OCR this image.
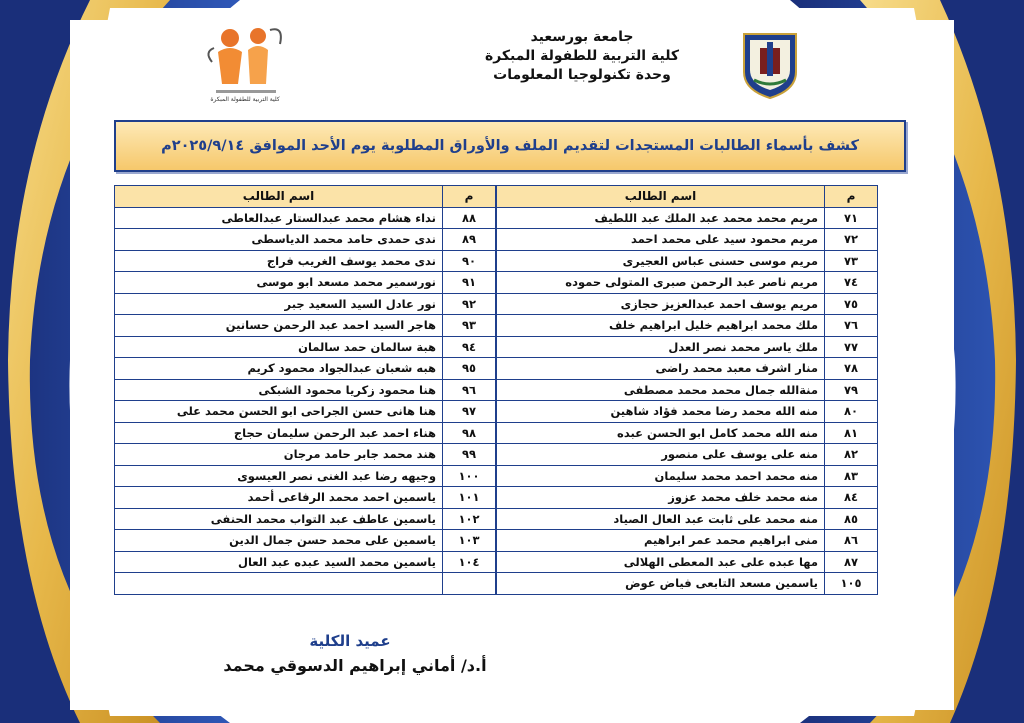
كلية التربية للطفولة المبكرة
جامعة بورسعيد
كلية التربية للطفولة المبكرة
وحدة تكنولوجيا المعلومات
كشف بأسماء الطالبات المستجدات لتقديم الملف والأوراق المطلوبة يوم الأحد الموافق ٢٠٢٥/٩/١٤م
م	اسم الطالب
٧١	مريم محمد محمد عبد الملك عبد اللطيف
٧٢	مريم محمود سيد على محمد احمد
٧٣	مريم موسى حسنى عباس العجيرى
٧٤	مريم ناصر عبد الرحمن صبرى المتولى حموده
٧٥	مريم يوسف احمد عبدالعزيز حجازى
٧٦	ملك محمد ابراهيم خليل ابراهيم خلف
٧٧	ملك ياسر محمد نصر العدل
٧٨	منار اشرف معبد محمد راضى
٧٩	منةالله جمال محمد محمد مصطفى
٨٠	منه الله محمد رضا محمد فؤاد شاهين
٨١	منه الله محمد كامل ابو الحسن عبده
٨٢	منه على يوسف على منصور
٨٣	منه محمد احمد محمد سليمان
٨٤	منه محمد خلف محمد عزوز
٨٥	منه محمد على ثابت عبد العال الصياد
٨٦	منى ابراهيم محمد عمر ابراهيم
٨٧	مها عبده على عبد المعطى الهلالى
١٠٥	ياسمين مسعد التابعى فياض عوض
م	اسم الطالب
٨٨	نداء هشام محمد عبدالستار عبدالعاطى
٨٩	ندى حمدى حامد محمد الدياسطى
٩٠	ندى محمد يوسف الغريب فراج
٩١	نورسمير محمد مسعد ابو موسى
٩٢	نور عادل السيد السعيد جبر
٩٣	هاجر السيد احمد عبد الرحمن حسانين
٩٤	هبة سالمان حمد سالمان
٩٥	هبه شعبان عبدالجواد محمود كريم
٩٦	هنا محمود زكريا محمود الشبكى
٩٧	هنا هانى حسن الجراحى ابو الحسن محمد على
٩٨	هناء احمد عبد الرحمن سليمان حجاج
٩٩	هند محمد جابر حامد مرجان
١٠٠	وجيهه رضا عبد الغنى نصر العيسوى
١٠١	ياسمين احمد محمد الرفاعى أحمد
١٠٢	ياسمين عاطف عبد التواب محمد الحنفى
١٠٣	ياسمين على محمد حسن جمال الدين
١٠٤	ياسمين محمد السيد عبده عبد العال

عميد الكلية
أ.د/ أماني إبراهيم الدسوقي محمد
